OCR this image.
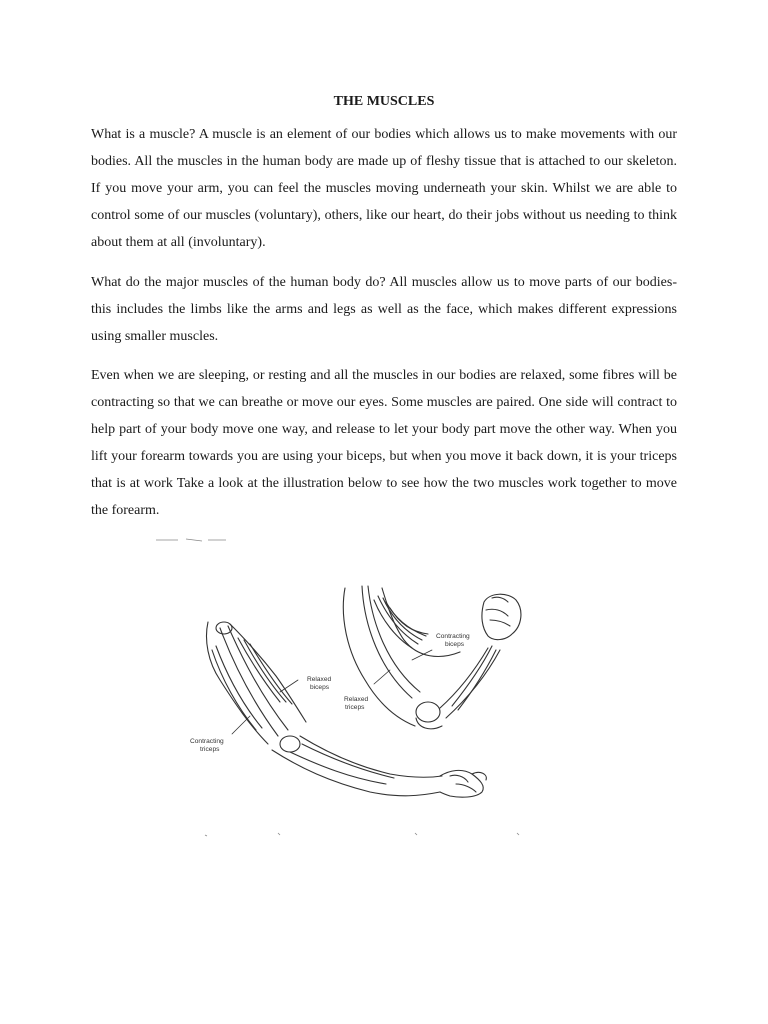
THE MUSCLES

What is a muscle? A muscle is an element of our bodies which allows us to make movements with our bodies. All the muscles in the human body are made up of fleshy tissue that is attached to our skeleton. If you move your arm, you can feel the muscles moving underneath your skin. Whilst we are able to control some of our muscles (voluntary), others, like our heart, do their jobs without us needing to think about them at all (involuntary).

What do the major muscles of the human body do? All muscles allow us to move parts of our bodies-this includes the limbs like the arms and legs as well as the face, which makes different expressions using smaller muscles.

Even when we are sleeping, or resting and all the muscles in our bodies are relaxed, some fibres will be contracting so that we can breathe or move our eyes. Some muscles are paired. One side will contract to help part of your body move one way, and release to let your body part move the other way. When you lift your forearm towards you are using your biceps, but when you move it back down, it is your triceps that is at work Take a look at the illustration below to see how the two muscles work together to move the forearm.

Contracting
biceps
Relaxed
triceps
Relaxed
biceps
Contracting
triceps
